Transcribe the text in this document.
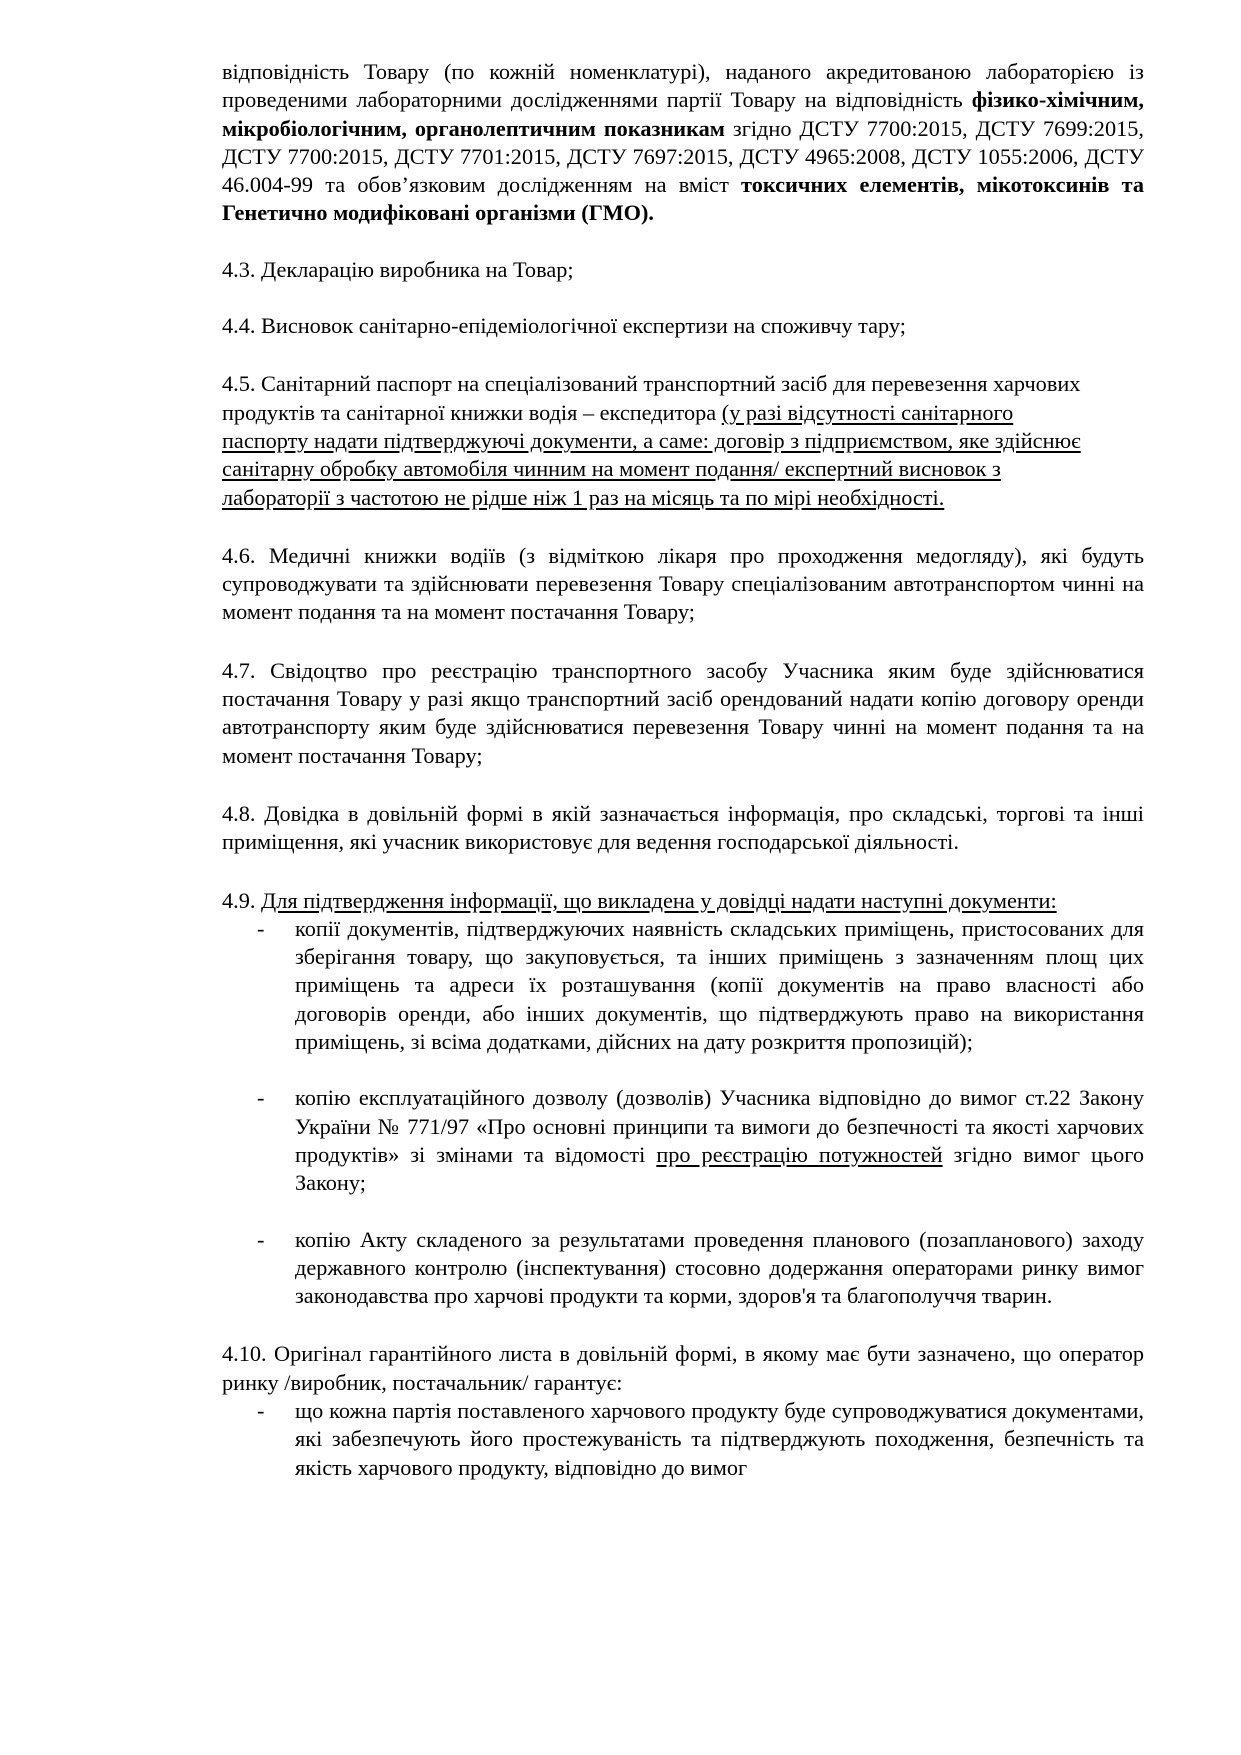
відповідність Товару (по кожній номенклатурі), наданого акредитованою лабораторією із проведеними лабораторними дослідженнями партії Товару на відповідність фізико-хімічним, мікробіологічним, органолептичним показникам згідно ДСТУ 7700:2015, ДСТУ 7699:2015, ДСТУ 7700:2015, ДСТУ 7701:2015, ДСТУ 7697:2015, ДСТУ 4965:2008, ДСТУ 1055:2006, ДСТУ 46.004-99 та обов’язковим дослідженням на вміст токсичних елементів, мікотоксинів та Генетично модифіковані організми (ГМО).

4.3. Декларацію виробника на Товар;

4.4. Висновок санітарно-епідеміологічної експертизи на споживчу тару;

4.5. Санітарний паспорт на спеціалізований транспортний засіб для перевезення харчових продуктів та санітарної книжки водія – експедитора (у разі відсутності санітарного паспорту надати підтверджуючі документи, а саме: договір з підприємством, яке здійснює санітарну обробку автомобіля чинним на момент подання/ експертний висновок з лабораторії з частотою не рідше ніж 1 раз на місяць та по мірі необхідності.

4.6. Медичні книжки водіїв (з відміткою лікаря про проходження медогляду), які будуть супроводжувати та здійснювати перевезення Товару спеціалізованим автотранспортом чинні на момент подання та на момент постачання Товару;

4.7. Свідоцтво про реєстрацію транспортного засобу Учасника яким буде здійснюватися постачання Товару у разі якщо транспортний засіб орендований надати копію договору оренди автотранспорту яким буде здійснюватися перевезення Товару чинні на момент подання та на момент постачання Товару;

4.8. Довідка в довільній формі в якій зазначається інформація, про складські, торгові та інші приміщення, які учасник використовує для ведення господарської діяльності.

4.9. Для підтвердження інформації, що викладена у довідці надати наступні документи:

- копії документів, підтверджуючих наявність складських приміщень, пристосованих для зберігання товару, що закуповується, та інших приміщень з зазначенням площ цих приміщень та адреси їх розташування (копії документів на право власності або договорів оренди, або інших документів, що підтверджують право на використання приміщень, зі всіма додатками, дійсних на дату розкриття пропозицій);
- копію експлуатаційного дозволу (дозволів) Учасника відповідно до вимог ст.22 Закону України № 771/97 «Про основні принципи та вимоги до безпечності та якості харчових продуктів» зі змінами та відомості про реєстрацію потужностей згідно вимог цього Закону;
- копію Акту складеного за результатами проведення планового (позапланового) заходу державного контролю (інспектування) стосовно додержання операторами ринку вимог законодавства про харчові продукти та корми, здоров'я та благополуччя тварин.

4.10. Оригінал гарантійного листа в довільній формі, в якому має бути зазначено, що оператор ринку /виробник, постачальник/ гарантує:

- що кожна партія поставленого харчового продукту буде супроводжуватися документами, які забезпечують його простежуваність та підтверджують походження, безпечність та якість харчового продукту, відповідно до вимог
